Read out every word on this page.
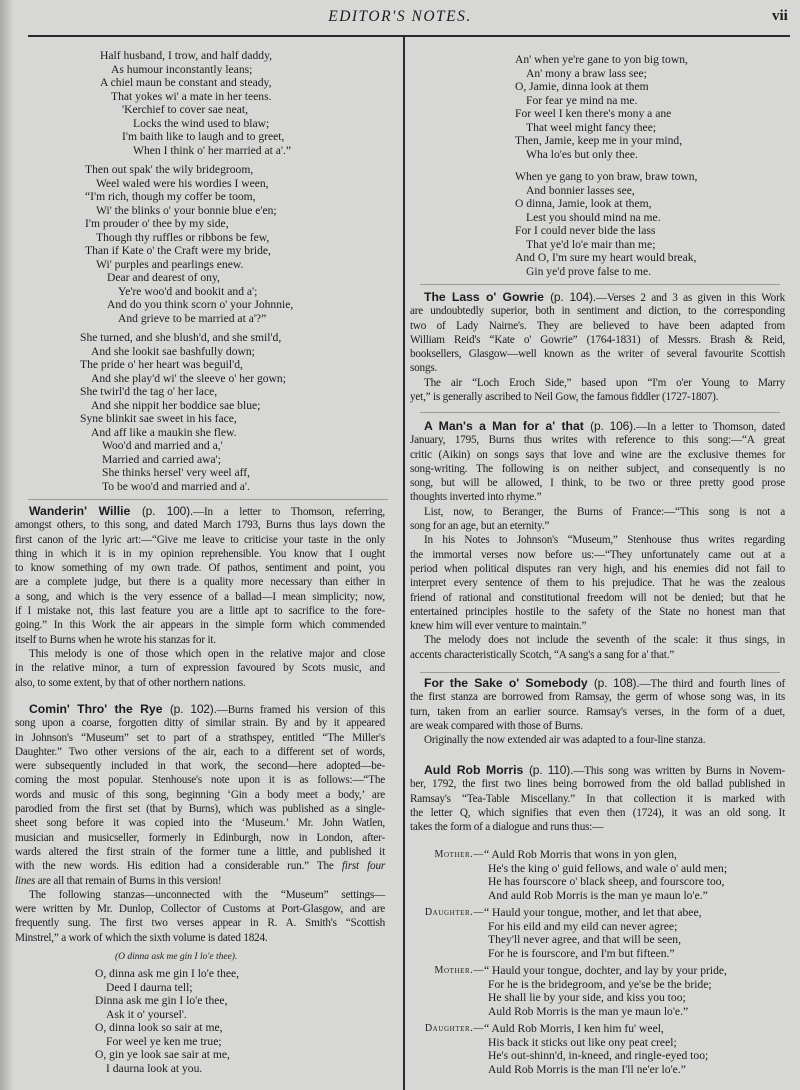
EDITOR'S NOTES.	vii
Half husband, I trow, and half daddy,
As humour inconstantly leans;
A chiel maun be constant and steady,
That yokes wi' a mate in her teens.
'Kerchief to cover sae neat,
Locks the wind used to blaw;
I'm baith like to laugh and to greet,
When I think o' her married at a'.”
Then out spak' the wily bridegroom,
Weel waled were his wordies I ween,
“I'm rich, though my coffer be toom,
Wi' the blinks o' your bonnie blue e'en;
I'm prouder o' thee by my side,
Though thy ruffles or ribbons be few,
Than if Kate o' the Craft were my bride,
Wi' purples and pearlings enew.
Dear and dearest of ony,
Ye're woo'd and bookit and a';
And do you think scorn o' your Johnnie,
And grieve to be married at a'?”
She turned, and she blush'd, and she smil'd,
And she lookit sae bashfully down;
The pride o' her heart was beguil'd,
And she play'd wi' the sleeve o' her gown;
She twirl'd the tag o' her lace,
And she nippit her boddice sae blue;
Syne blinkit sae sweet in his face,
And aff like a maukin she flew.
Woo'd and married and a,'
Married and carried awa';
She thinks hersel' very weel aff,
To be woo'd and married and a'.
Wanderin' Willie (p. 100).—In a letter to Thomson, referring,
amongst others, to this song, and dated March 1793, Burns thus lays down the
first canon of the lyric art:—“Give me leave to criticise your taste in the only
thing in which it is in my opinion reprehensible. You know that I ought
to know something of my own trade. Of pathos, sentiment and point, you
are a complete judge, but there is a quality more necessary than either in
a song, and which is the very essence of a ballad—I mean simplicity; now,
if I mistake not, this last feature you are a little apt to sacrifice to the fore-
going.” In this Work the air appears in the simple form which commended
itself to Burns when he wrote his stanzas for it.
This melody is one of those which open in the relative major and close
in the relative minor, a turn of expression favoured by Scots music, and
also, to some extent, by that of other northern nations.
Comin' Thro' the Rye (p. 102).—Burns framed his version of this
song upon a coarse, forgotten ditty of similar strain. By and by it appeared
in Johnson's “Museum” set to part of a strathspey, entitled “The Miller's
Daughter.” Two other versions of the air, each to a different set of words,
were subsequently included in that work, the second—here adopted—be-
coming the most popular. Stenhouse's note upon it is as follows:—“The
words and music of this song, beginning ‘Gin a body meet a body,’ are
parodied from the first set (that by Burns), which was published as a single-
sheet song before it was copied into the ‘Museum.’ Mr. John Watlen,
musician and musicseller, formerly in Edinburgh, now in London, after-
wards altered the first strain of the former tune a little, and published it
with the new words. His edition had a considerable run.” The first four
lines are all that remain of Burns in this version!
The following stanzas—unconnected with the “Museum” settings—
were written by Mr. Dunlop, Collector of Customs at Port-Glasgow, and are
frequently sung. The first two verses appear in R. A. Smith's “Scottish
Minstrel,” a work of which the sixth volume is dated 1824.
(O dinna ask me gin I lo'e thee).
O, dinna ask me gin I lo'e thee,
Deed I daurna tell;
Dinna ask me gin I lo'e thee,
Ask it o' yoursel'.
O, dinna look so sair at me,
For weel ye ken me true;
O, gin ye look sae sair at me,
I daurna look at you.
An' when ye're gane to yon big town,
An' mony a braw lass see;
O, Jamie, dinna look at them
For fear ye mind na me.
For weel I ken there's mony a ane
That weel might fancy thee;
Then, Jamie, keep me in your mind,
Wha lo'es but only thee.
When ye gang to yon braw, braw town,
And bonnier lasses see,
O dinna, Jamie, look at them,
Lest you should mind na me.
For I could never bide the lass
That ye'd lo'e mair than me;
And O, I'm sure my heart would break,
Gin ye'd prove false to me.
The Lass o' Gowrie (p. 104).—Verses 2 and 3 as given in this Work
are undoubtedly superior, both in sentiment and diction, to the corresponding
two of Lady Nairne's. They are believed to have been adapted from
William Reid's “Kate o' Gowrie” (1764-1831) of Messrs. Brash & Reid,
booksellers, Glasgow—well known as the writer of several favourite Scottish
songs.
The air “Loch Eroch Side,” based upon “I'm o'er Young to Marry
yet,” is generally ascribed to Neil Gow, the famous fiddler (1727-1807).
A Man's a Man for a' that (p. 106).—In a letter to Thomson, dated
January, 1795, Burns thus writes with reference to this song:—“A great
critic (Aikin) on songs says that love and wine are the exclusive themes for
song-writing. The following is on neither subject, and consequently is no
song, but will be allowed, I think, to be two or three pretty good prose
thoughts inverted into rhyme.”
List, now, to Beranger, the Burns of France:—“This song is not a
song for an age, but an eternity.”
In his Notes to Johnson's “Museum,” Stenhouse thus writes regarding
the immortal verses now before us:—“They unfortunately came out at a
period when political disputes ran very high, and his enemies did not fail to
interpret every sentence of them to his prejudice. That he was the zealous
friend of rational and constitutional freedom will not be denied; but that he
entertained principles hostile to the safety of the State no honest man that
knew him will ever venture to maintain.”
The melody does not include the seventh of the scale: it thus sings, in
accents characteristically Scotch, “A sang's a sang for a' that.”
For the Sake o' Somebody (p. 108).—The third and fourth lines of
the first stanza are borrowed from Ramsay, the germ of whose song was, in its
turn, taken from an earlier source. Ramsay's verses, in the form of a duet,
are weak compared with those of Burns.
Originally the now extended air was adapted to a four-line stanza.
Auld Rob Morris (p. 110).—This song was written by Burns in Novem-
ber, 1792, the first two lines being borrowed from the old ballad published in
Ramsay's “Tea-Table Miscellany.” In that collection it is marked with
the letter Q, which signifies that even then (1724), it was an old song. It
takes the form of a dialogue and runs thus:—
Mother.— “ Auld Rob Morris that wons in yon glen,
He's the king o' guid fellows, and wale o' auld men;
He has fourscore o' black sheep, and fourscore too,
And auld Rob Morris is the man ye maun lo'e.”
Daughter.— “ Hauld your tongue, mother, and let that abee,
For his eild and my eild can never agree;
They'll never agree, and that will be seen,
For he is fourscore, and I'm but fifteen.”
Mother.— “ Hauld your tongue, dochter, and lay by your pride,
For he is the bridegroom, and ye'se be the bride;
He shall lie by your side, and kiss you too;
Auld Rob Morris is the man ye maun lo'e.”
Daughter.— “ Auld Rob Morris, I ken him fu' weel,
His back it sticks out like ony peat creel;
He's out-shinn'd, in-kneed, and ringle-eyed too;
Auld Rob Morris is the man I'll ne'er lo'e.”
